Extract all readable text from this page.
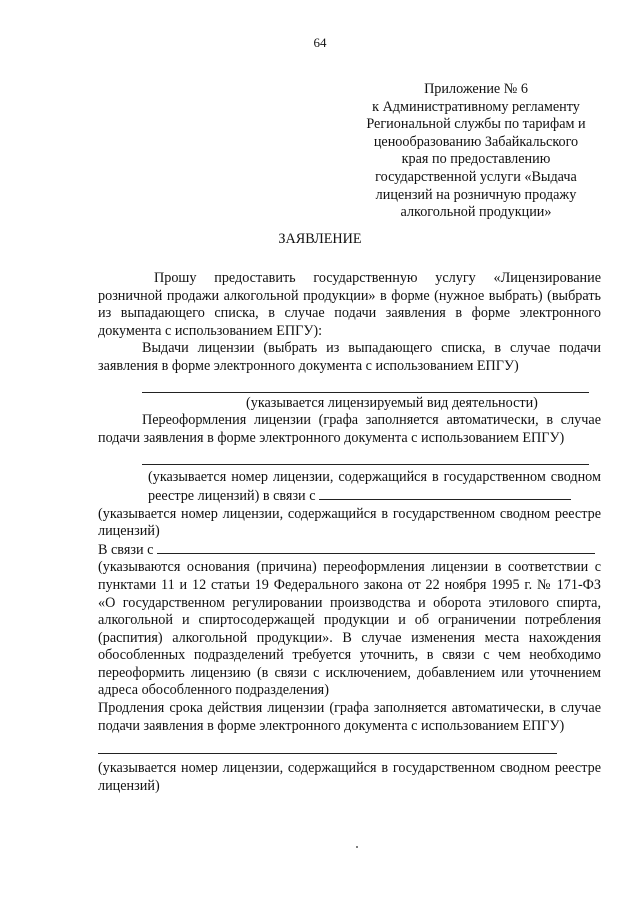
64
Приложение № 6
к Административному регламенту
Региональной службы по тарифам и
ценообразованию Забайкальского
края по предоставлению
государственной услуги «Выдача
лицензий на розничную продажу
алкогольной продукции»
ЗАЯВЛЕНИЕ

Прошу предоставить государственную услугу «Лицензирование розничной продажи алкогольной продукции» в форме (нужное выбрать) (выбрать из выпадающего списка, в случае подачи заявления в форме электронного документа с использованием ЕПГУ):

Выдачи лицензии (выбрать из выпадающего списка, в случае подачи заявления в форме электронного документа с использованием ЕПГУ)

(указывается лицензируемый вид деятельности)

Переоформления лицензии (графа заполняется автоматически, в случае подачи заявления в форме электронного документа с использованием ЕПГУ)

(указывается номер лицензии, содержащийся в государственном сводном реестре лицензий) в связи с

(указывается номер лицензии, содержащийся в государственном сводном реестре лицензий)

В связи с

(указываются основания (причина) переоформления лицензии в соответствии с пунктами 11 и 12 статьи 19 Федерального закона от 22 ноября 1995 г. № 171-ФЗ «О государственном регулировании производства и оборота этилового спирта, алкогольной и спиртосодержащей продукции и об ограничении потребления (распития) алкогольной продукции». В случае изменения места нахождения обособленных подразделений требуется уточнить, в связи с чем необходимо переоформить лицензию (в связи с исключением, добавлением или уточнением адреса обособленного подразделения)

Продления срока действия лицензии (графа заполняется автоматически, в случае подачи заявления в форме электронного документа с использованием ЕПГУ)

(указывается номер лицензии, содержащийся в государственном сводном реестре лицензий)
